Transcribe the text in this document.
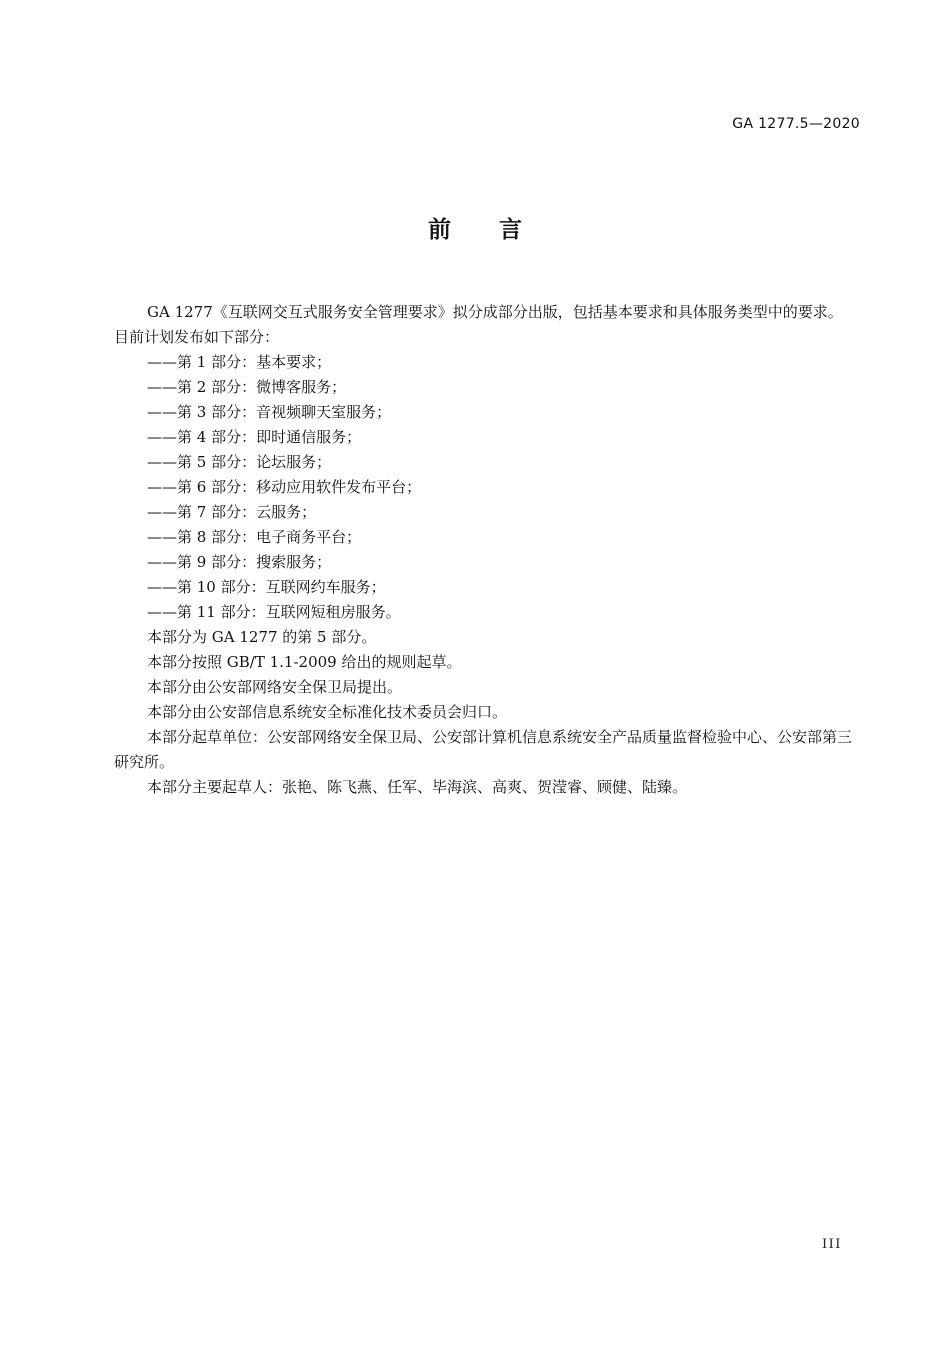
GA 1277.5—2020
前言

GA 1277《互联网交互式服务安全管理要求》拟分成部分出版，包括基本要求和具体服务类型中的要求。目前计划发布如下部分：

——第 1 部分：基本要求；

——第 2 部分：微博客服务；

——第 3 部分：音视频聊天室服务；

——第 4 部分：即时通信服务；

——第 5 部分：论坛服务；

——第 6 部分：移动应用软件发布平台；

——第 7 部分：云服务；

——第 8 部分：电子商务平台；

——第 9 部分：搜索服务；

——第 10 部分：互联网约车服务；

——第 11 部分：互联网短租房服务。

本部分为 GA 1277 的第 5 部分。

本部分按照 GB/T 1.1-2009 给出的规则起草。

本部分由公安部网络安全保卫局提出。

本部分由公安部信息系统安全标准化技术委员会归口。

本部分起草单位：公安部网络安全保卫局、公安部计算机信息系统安全产品质量监督检验中心、公安部第三研究所。

本部分主要起草人：张艳、陈飞燕、任军、毕海滨、高爽、贺滢睿、顾健、陆臻。

III
